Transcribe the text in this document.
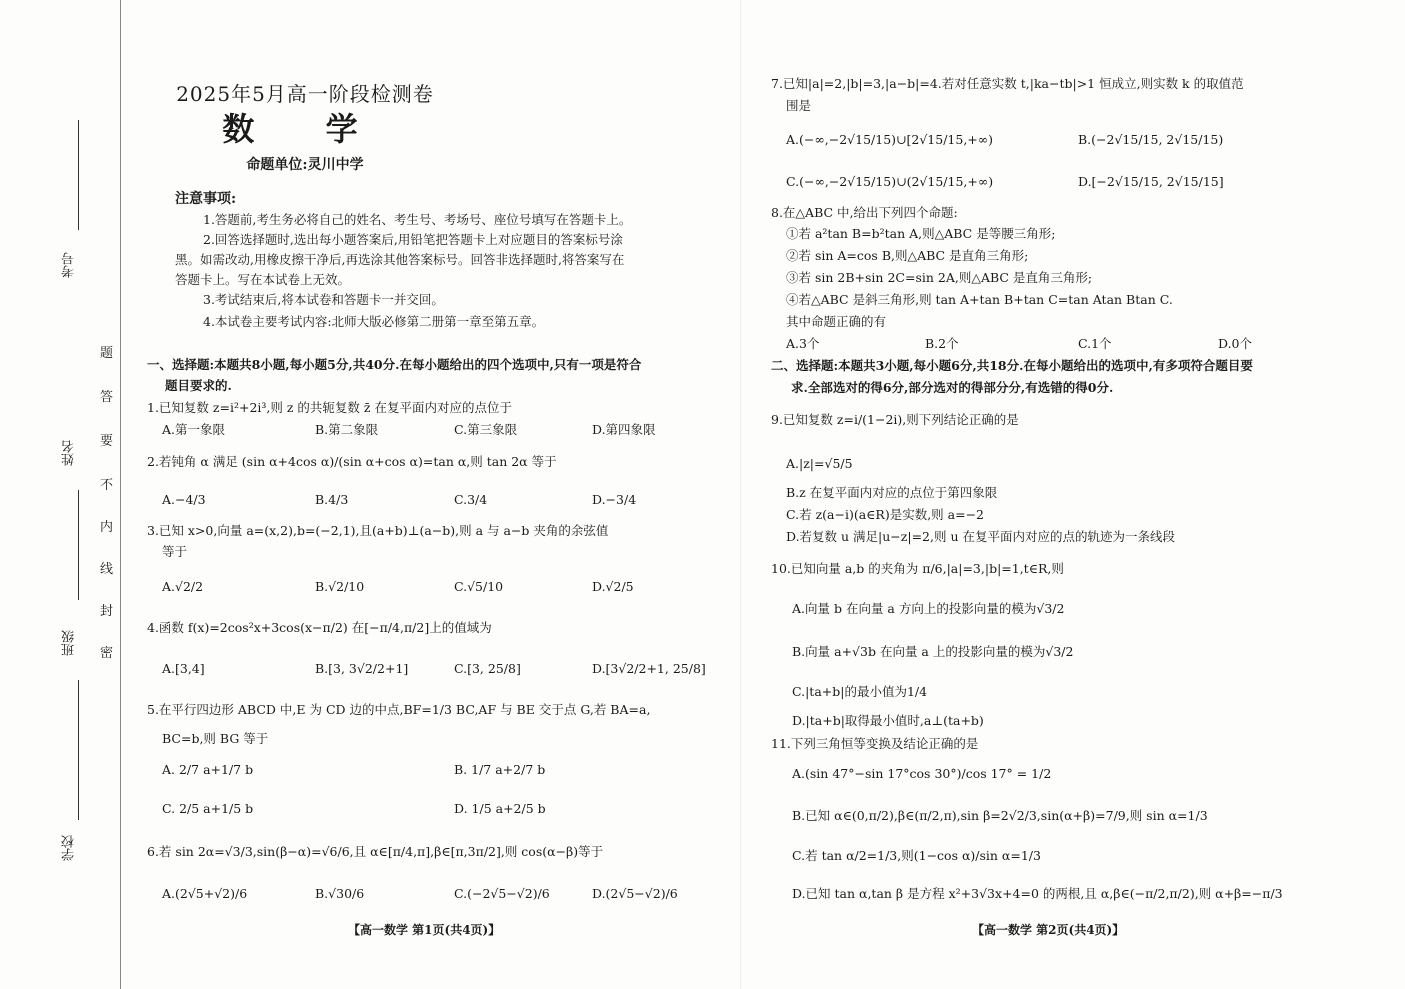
考号
姓名
班级
学校
密
封
线
内
不
要
答
题
2025年5月高一阶段检测卷
数 学
命题单位:灵川中学
注意事项:
1.答题前,考生务必将自己的姓名、考生号、考场号、座位号填写在答题卡上。
2.回答选择题时,选出每小题答案后,用铅笔把答题卡上对应题目的答案标号涂
黑。如需改动,用橡皮擦干净后,再选涂其他答案标号。回答非选择题时,将答案写在
答题卡上。写在本试卷上无效。
3.考试结束后,将本试卷和答题卡一并交回。
4.本试卷主要考试内容:北师大版必修第二册第一章至第五章。
一、选择题:本题共8小题,每小题5分,共40分.在每小题给出的四个选项中,只有一项是符合
题目要求的.
1.已知复数 z=i²+2i³,则 z 的共轭复数 z̄ 在复平面内对应的点位于
A.第一象限	B.第二象限	C.第三象限	D.第四象限
2.若钝角 α 满足 (sin α+4cos α)/(sin α+cos α)=tan α,则 tan 2α 等于
A.−4/3	B.4/3	C.3/4	D.−3/4
3.已知 x>0,向量 a=(x,2),b=(−2,1),且(a+b)⊥(a−b),则 a 与 a−b 夹角的余弦值
等于
A.√2/2	B.√2/10	C.√5/10	D.√2/5
4.函数 f(x)=2cos²x+3cos(x−π/2) 在[−π/4,π/2]上的值域为
A.[3,4]	B.[3, 3√2/2+1]	C.[3, 25/8]	D.[3√2/2+1, 25/8]
5.在平行四边形 ABCD 中,E 为 CD 边的中点,BF=1/3 BC,AF 与 BE 交于点 G,若 BA=a,
BC=b,则 BG 等于
A. 2/7 a+1/7 b	B. 1/7 a+2/7 b
C. 2/5 a+1/5 b	D. 1/5 a+2/5 b
6.若 sin 2α=√3/3,sin(β−α)=√6/6,且 α∈[π/4,π],β∈[π,3π/2],则 cos(α−β)等于
A.(2√5+√2)/6	B.√30/6	C.(−2√5−√2)/6	D.(2√5−√2)/6
【高一数学 第1页(共4页)】
7.已知|a|=2,|b|=3,|a−b|=4.若对任意实数 t,|ka−tb|>1 恒成立,则实数 k 的取值范
围是
A.(−∞,−2√15/15)∪[2√15/15,+∞)	B.(−2√15/15, 2√15/15)
C.(−∞,−2√15/15)∪(2√15/15,+∞)	D.[−2√15/15, 2√15/15]
8.在△ABC 中,给出下列四个命题:
①若 a²tan B=b²tan A,则△ABC 是等腰三角形;
②若 sin A=cos B,则△ABC 是直角三角形;
③若 sin 2B+sin 2C=sin 2A,则△ABC 是直角三角形;
④若△ABC 是斜三角形,则 tan A+tan B+tan C=tan Atan Btan C.
其中命题正确的有
A.3个	B.2个	C.1个	D.0个
二、选择题:本题共3小题,每小题6分,共18分.在每小题给出的选项中,有多项符合题目要
求.全部选对的得6分,部分选对的得部分分,有选错的得0分.
9.已知复数 z=i/(1−2i),则下列结论正确的是
A.|z|=√5/5
B.z 在复平面内对应的点位于第四象限
C.若 z(a−i)(a∈R)是实数,则 a=−2
D.若复数 u 满足|u−z|=2,则 u 在复平面内对应的点的轨迹为一条线段
10.已知向量 a,b 的夹角为 π/6,|a|=3,|b|=1,t∈R,则
A.向量 b 在向量 a 方向上的投影向量的模为√3/2
B.向量 a+√3b 在向量 a 上的投影向量的模为√3/2
C.|ta+b|的最小值为1/4
D.|ta+b|取得最小值时,a⊥(ta+b)
11.下列三角恒等变换及结论正确的是
A.(sin 47°−sin 17°cos 30°)/cos 17° = 1/2
B.已知 α∈(0,π/2),β∈(π/2,π),sin β=2√2/3,sin(α+β)=7/9,则 sin α=1/3
C.若 tan α/2=1/3,则(1−cos α)/sin α=1/3
D.已知 tan α,tan β 是方程 x²+3√3x+4=0 的两根,且 α,β∈(−π/2,π/2),则 α+β=−π/3
【高一数学 第2页(共4页)】
